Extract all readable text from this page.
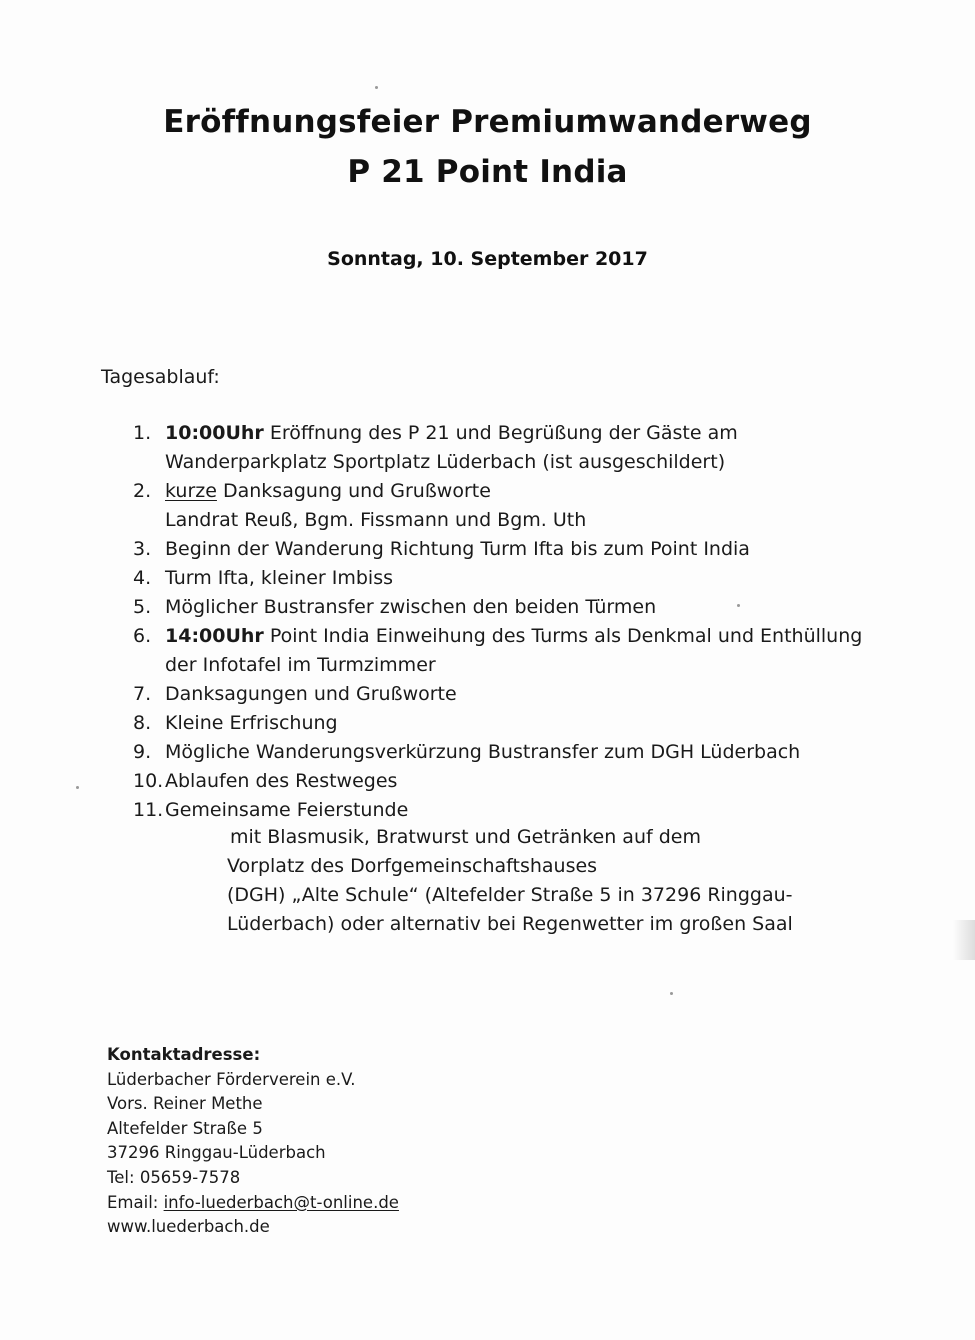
Eröffnungsfeier Premiumwanderweg
P 21 Point India
Sonntag, 10. September 2017
Tagesablauf:
1. 10:00Uhr Eröffnung des P 21 und Begrüßung der Gäste am
Wanderparkplatz Sportplatz Lüderbach (ist ausgeschildert)
2. kurze Danksagung und Grußworte
Landrat Reuß, Bgm. Fissmann und Bgm. Uth
3. Beginn der Wanderung Richtung Turm Ifta bis zum Point India
4. Turm Ifta, kleiner Imbiss
5. Möglicher Bustransfer zwischen den beiden Türmen
6. 14:00Uhr Point India Einweihung des Turms als Denkmal und Enthüllung
der Infotafel im Turmzimmer
7. Danksagungen und Grußworte
8. Kleine Erfrischung
9. Mögliche Wanderungsverkürzung Bustransfer zum DGH Lüderbach
10. Ablaufen des Restweges
11. Gemeinsame Feierstunde
mit Blasmusik, Bratwurst und Getränken auf dem
Vorplatz des Dorfgemeinschaftshauses
(DGH) „Alte Schule“ (Altefelder Straße 5 in 37296 Ringgau-
Lüderbach) oder alternativ bei Regenwetter im großen Saal
Kontaktadresse:
Lüderbacher Förderverein e.V.
Vors. Reiner Methe
Altefelder Straße 5
37296 Ringgau-Lüderbach
Tel: 05659-7578
Email: info-luederbach@t-online.de
www.luederbach.de
